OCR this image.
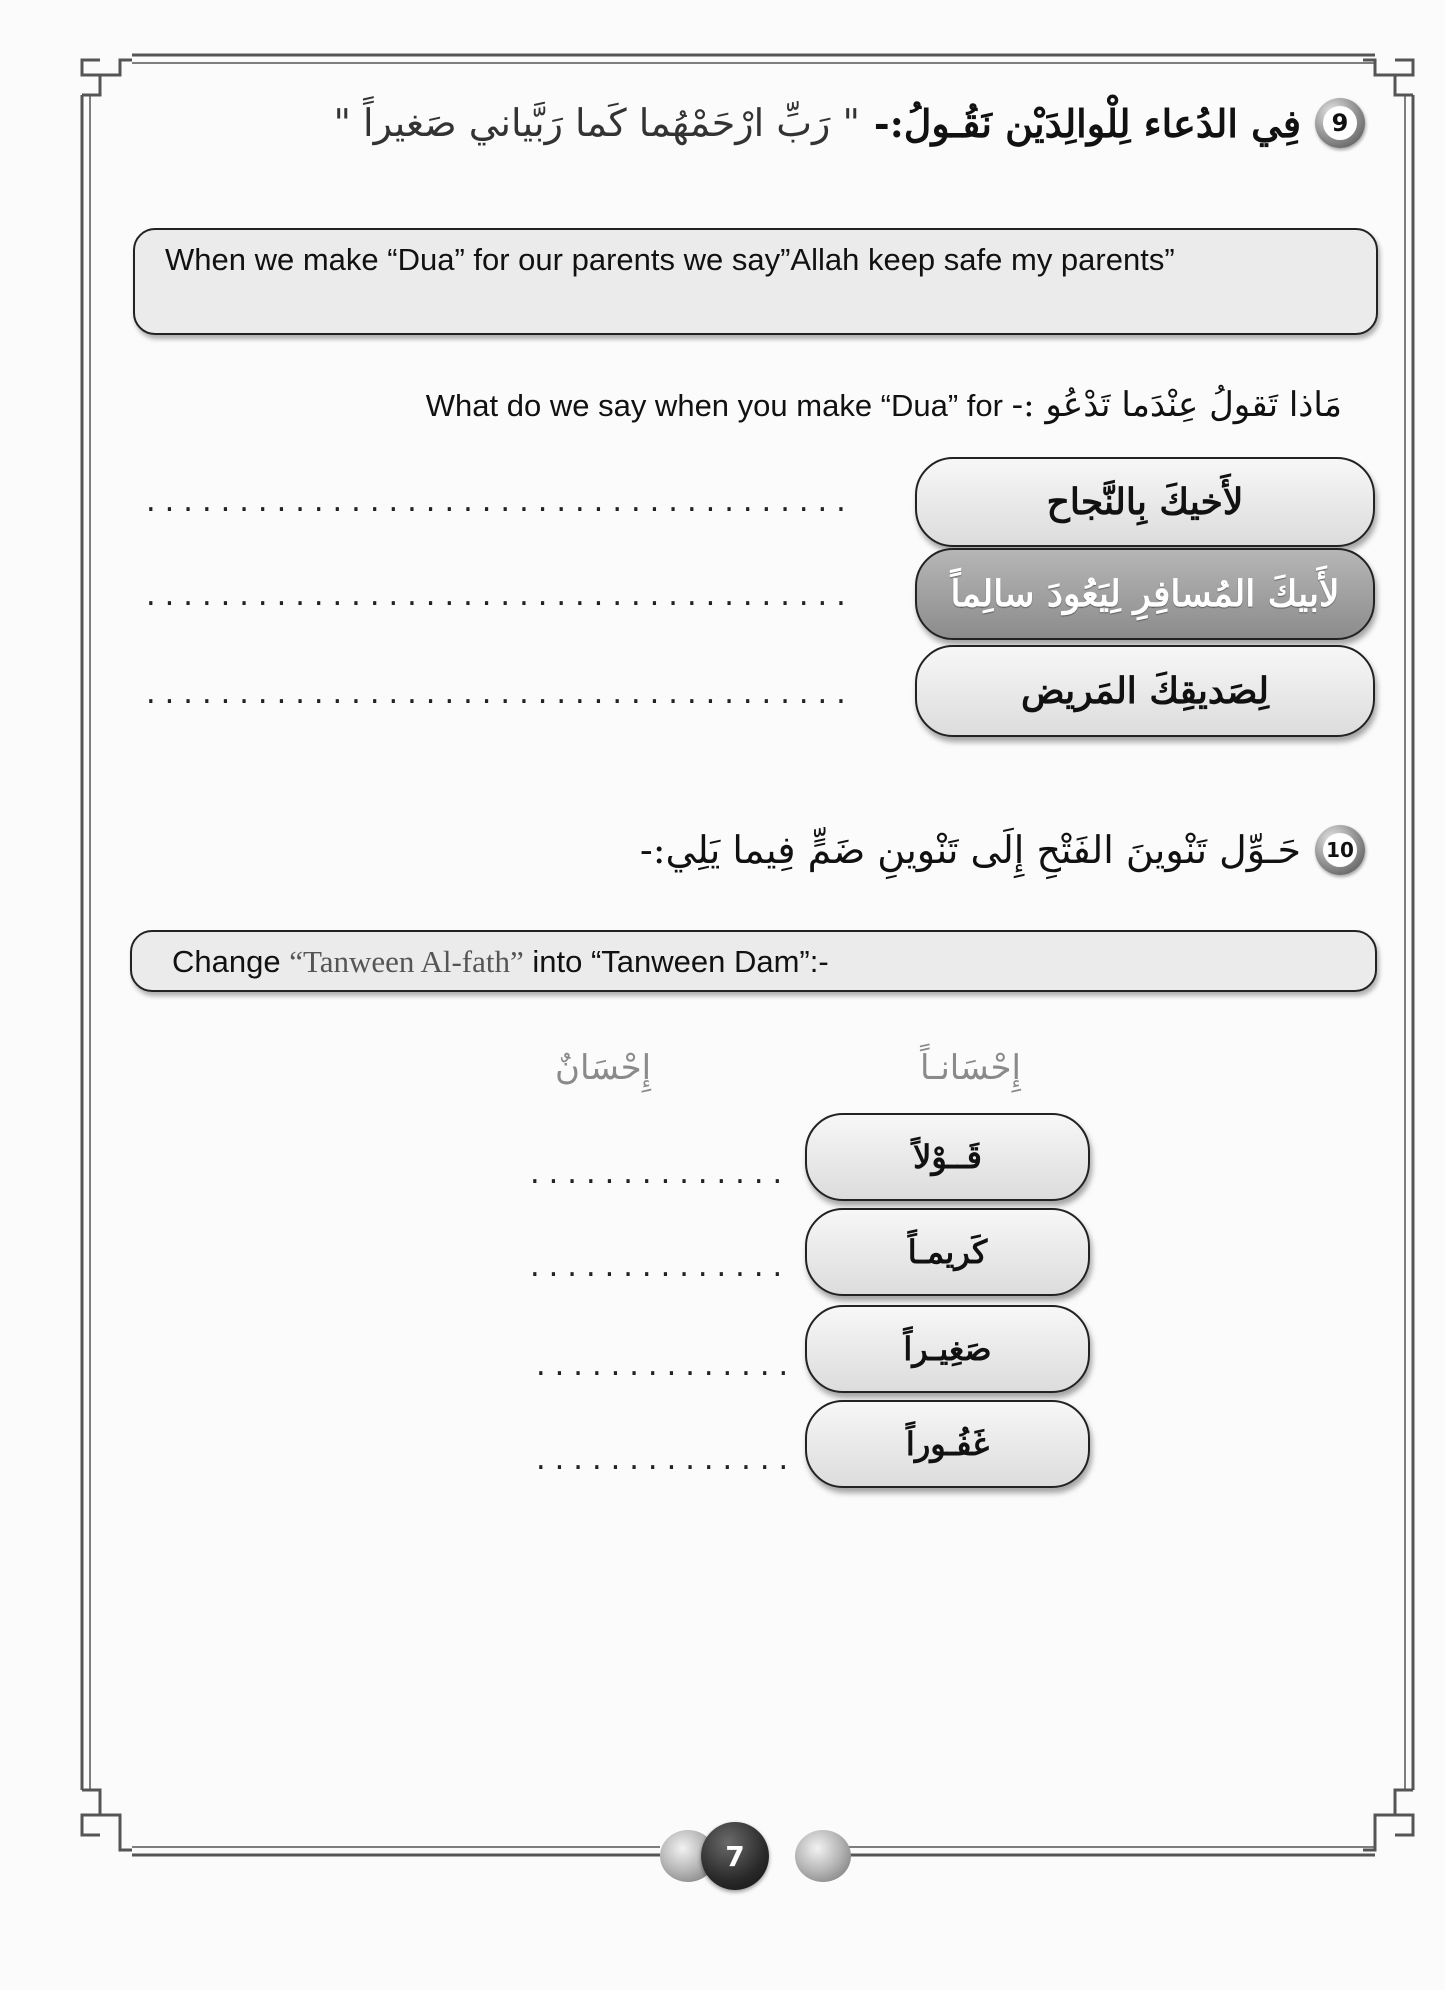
9
فِي الدُعاء لِلْوالِدَيْن نَقُـولُ:-
" رَبِّ ارْحَمْهُما كَما رَبَّياني صَغيراً "
When we make “Dua” for our parents we say”Allah keep safe my parents”
مَاذا تَقولُ عِنْدَما تَدْعُو :- What do we say when you make “Dua” for
لأَخيكَ بِالنَّجاح
......................................
لأَبيكَ المُسافِرِ لِيَعُودَ سالِماً
......................................
لِصَديقِكَ المَريض
......................................
10
حَـوِّل تَنْوينَ الفَتْحِ إِلَى تَنْوينِ ضَمٍّ فِيما يَلِي:-
Change “Tanween Al-fath” into “Tanween Dam”:-
إِحْسَانـاً
إِحْسَانٌ
قَــوْلاً
..............
كَريمـاً
..............
صَغِيـراً
..............
غَفُـوراً
..............
7
